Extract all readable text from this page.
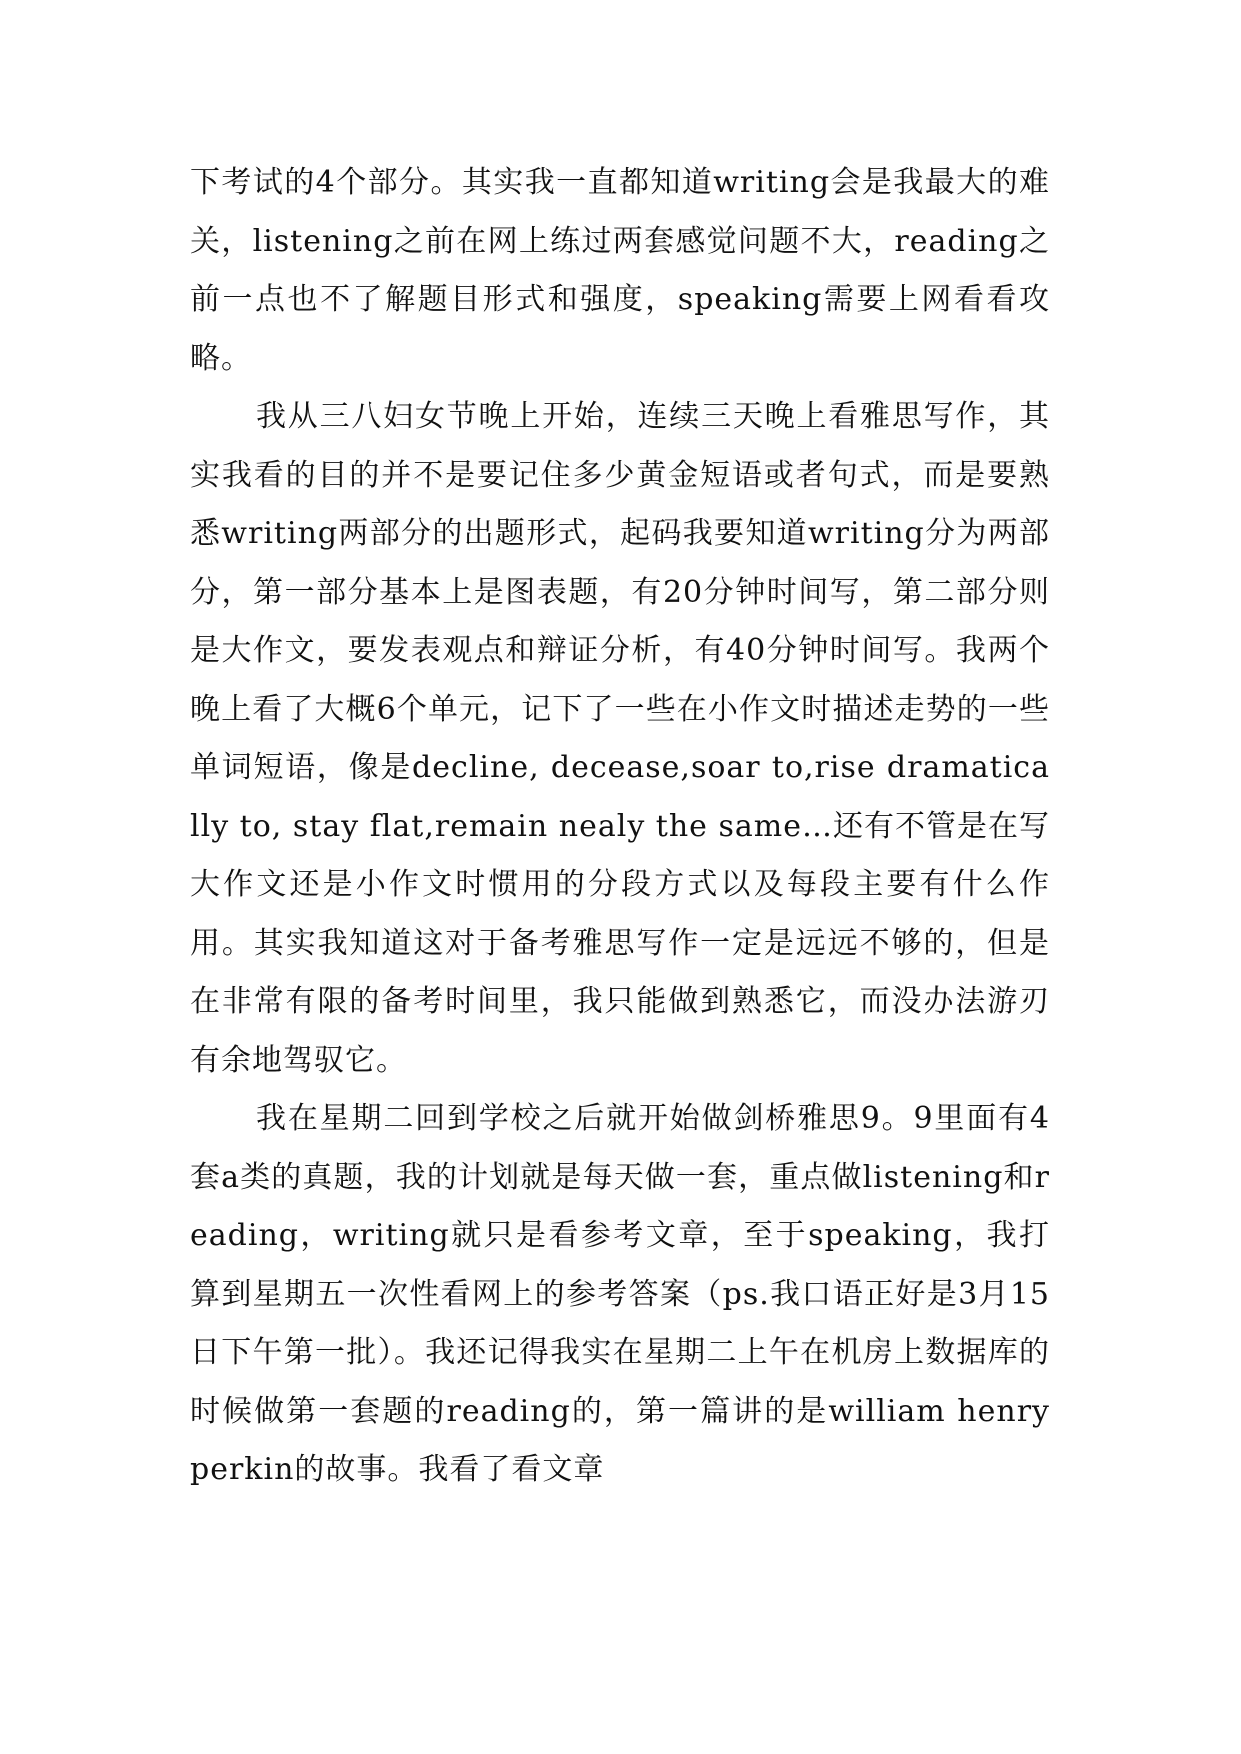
下考试的4个部分。其实我一直都知道writing会是我最大的难关，listening之前在网上练过两套感觉问题不大，reading之前一点也不了解题目形式和强度，speaking需要上网看看攻略。

我从三八妇女节晚上开始，连续三天晚上看雅思写作，其实我看的目的并不是要记住多少黄金短语或者句式，而是要熟悉writing两部分的出题形式，起码我要知道writing分为两部分，第一部分基本上是图表题，有20分钟时间写，第二部分则是大作文，要发表观点和辩证分析，有40分钟时间写。我两个晚上看了大概6个单元，记下了一些在小作文时描述走势的一些单词短语，像是decline, decease,soar to,rise dramatically to, stay flat,remain nealy the same…还有不管是在写大作文还是小作文时惯用的分段方式以及每段主要有什么作用。其实我知道这对于备考雅思写作一定是远远不够的，但是在非常有限的备考时间里，我只能做到熟悉它，而没办法游刃有余地驾驭它。

我在星期二回到学校之后就开始做剑桥雅思9。9里面有4套a类的真题，我的计划就是每天做一套，重点做listening和reading，writing就只是看参考文章，至于speaking，我打算到星期五一次性看网上的参考答案（ps.我口语正好是3月15日下午第一批）。我还记得我实在星期二上午在机房上数据库的时候做第一套题的reading的，第一篇讲的是william henry perkin的故事。我看了看文章
